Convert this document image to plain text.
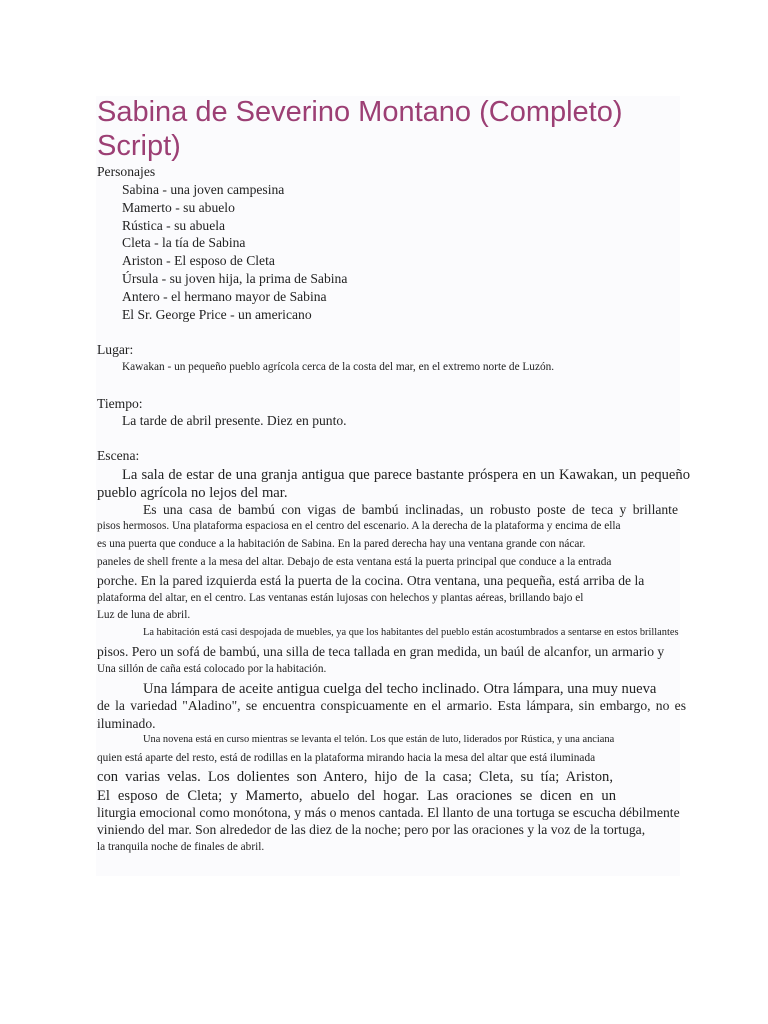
Sabina de Severino Montano (Completo) Script)
Personajes
Sabina - una joven campesina
Mamerto - su abuelo
Rústica - su abuela
Cleta - la tía de Sabina
Ariston - El esposo de Cleta
Úrsula - su joven hija, la prima de Sabina
Antero - el hermano mayor de Sabina
El Sr. George Price - un americano
Lugar:
Kawakan - un pequeño pueblo agrícola cerca de la costa del mar, en el extremo norte de Luzón.
Tiempo:
La tarde de abril presente. Diez en punto.
Escena:
La sala de estar de una granja antigua que parece bastante próspera en un Kawakan, un pequeño
pueblo agrícola no lejos del mar.
Es una casa de bambú con vigas de bambú inclinadas, un robusto poste de teca y brillante
pisos hermosos. Una plataforma espaciosa en el centro del escenario. A la derecha de la plataforma y encima de ella
es una puerta que conduce a la habitación de Sabina. En la pared derecha hay una ventana grande con nácar.
paneles de shell frente a la mesa del altar. Debajo de esta ventana está la puerta principal que conduce a la entrada
porche. En la pared izquierda está la puerta de la cocina. Otra ventana, una pequeña, está arriba de la
plataforma del altar, en el centro. Las ventanas están lujosas con helechos y plantas aéreas, brillando bajo el
Luz de luna de abril.
La habitación está casi despojada de muebles, ya que los habitantes del pueblo están acostumbrados a sentarse en estos brillantes
pisos. Pero un sofá de bambú, una silla de teca tallada en gran medida, un baúl de alcanfor, un armario y
Una sillón de caña está colocado por la habitación.
Una lámpara de aceite antigua cuelga del techo inclinado. Otra lámpara, una muy nueva
de la variedad "Aladino", se encuentra conspicuamente en el armario. Esta lámpara, sin embargo, no es
iluminado.
Una novena está en curso mientras se levanta el telón. Los que están de luto, liderados por Rústica, y una anciana
quien está aparte del resto, está de rodillas en la plataforma mirando hacia la mesa del altar que está iluminada
con varias velas. Los dolientes son Antero, hijo de la casa; Cleta, su tía; Ariston,
El esposo de Cleta; y Mamerto, abuelo del hogar. Las oraciones se dicen en un
liturgia emocional como monótona, y más o menos cantada. El llanto de una tortuga se escucha débilmente
viniendo del mar. Son alrededor de las diez de la noche; pero por las oraciones y la voz de la tortuga,
la tranquila noche de finales de abril.
